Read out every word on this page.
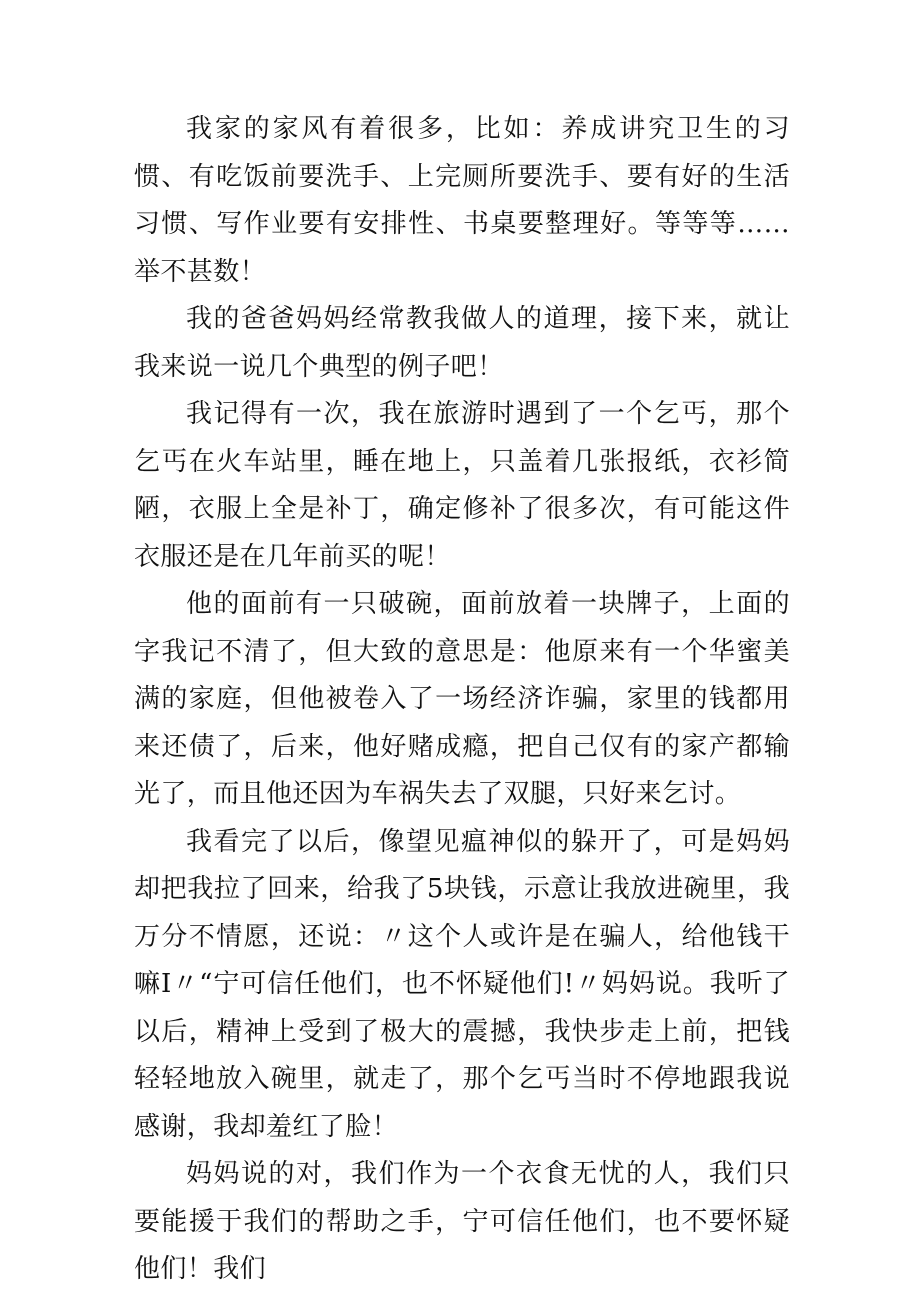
我家的家风有着很多，比如：养成讲究卫生的习惯、有吃饭前要洗手、上完厕所要洗手、要有好的生活习惯、写作业要有安排性、书桌要整理好。等等等……举不甚数！

我的爸爸妈妈经常教我做人的道理，接下来，就让我来说一说几个典型的例子吧！

我记得有一次，我在旅游时遇到了一个乞丐，那个乞丐在火车站里，睡在地上，只盖着几张报纸，衣衫简陋，衣服上全是补丁，确定修补了很多次，有可能这件衣服还是在几年前买的呢！

他的面前有一只破碗，面前放着一块牌子，上面的字我记不清了，但大致的意思是：他原来有一个华蜜美满的家庭，但他被卷入了一场经济诈骗，家里的钱都用来还债了，后来，他好赌成瘾，把自己仅有的家产都输光了，而且他还因为车祸失去了双腿，只好来乞讨。

我看完了以后，像望见瘟神似的躲开了，可是妈妈却把我拉了回来，给我了5块钱，示意让我放进碗里，我万分不情愿，还说：〃这个人或许是在骗人，给他钱干嘛I〃“宁可信任他们，也不怀疑他们!〃妈妈说。我听了以后，精神上受到了极大的震撼，我快步走上前，把钱轻轻地放入碗里，就走了，那个乞丐当时不停地跟我说感谢，我却羞红了脸！

妈妈说的对，我们作为一个衣食无忧的人，我们只要能援于我们的帮助之手，宁可信任他们，也不要怀疑他们！我们
